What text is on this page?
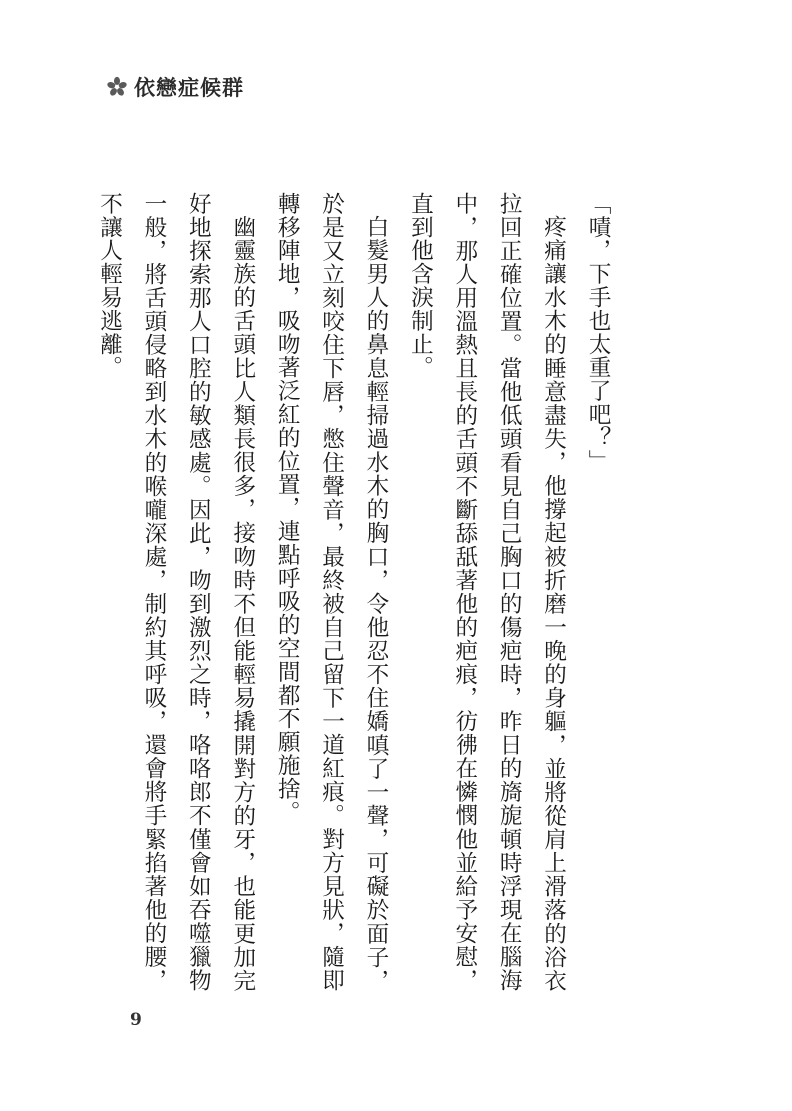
依戀症候群

「嘖，下手也太重了吧？」

疼痛讓水木的睡意盡失，他撐起被折磨一晚的身軀，並將從肩上滑落的浴衣拉回正確位置。當他低頭看見自己胸口的傷疤時，昨日的旖旎頓時浮現在腦海中，那人用溫熱且長的舌頭不斷舔舐著他的疤痕，彷彿在憐憫他並給予安慰，直到他含淚制止。

白髮男人的鼻息輕掃過水木的胸口，令他忍不住嬌嗔了一聲，可礙於面子，於是又立刻咬住下唇，憋住聲音，最終被自己留下一道紅痕。對方見狀，隨即轉移陣地，吸吻著泛紅的位置，連點呼吸的空間都不願施捨。

幽靈族的舌頭比人類長很多，接吻時不但能輕易撬開對方的牙，也能更加完好地探索那人口腔的敏感處。因此，吻到激烈之時，咯咯郎不僅會如吞噬獵物一般，將舌頭侵略到水木的喉嚨深處，制約其呼吸，還會將手緊掐著他的腰，不讓人輕易逃離。

9
